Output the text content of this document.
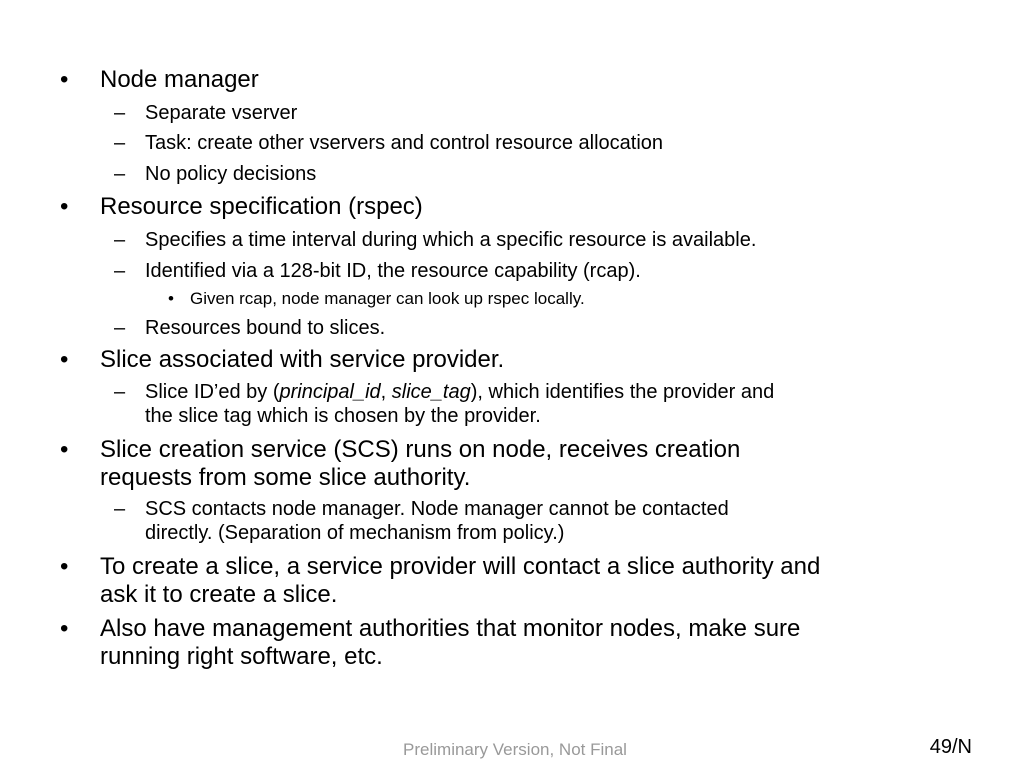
• Node manager
– Separate vserver
– Task: create other vservers and control resource allocation
– No policy decisions
• Resource specification (rspec)
– Specifies a time interval during which a specific resource is available.
– Identified via a 128-bit ID, the resource capability (rcap).
• Given rcap, node manager can look up rspec locally.
– Resources bound to slices.
• Slice associated with service provider.
– Slice ID’ed by (principal_id, slice_tag), which identifies the provider and
the slice tag which is chosen by the provider.
• Slice creation service (SCS) runs on node, receives creation
requests from some slice authority.
– SCS contacts node manager. Node manager cannot be contacted
directly. (Separation of mechanism from policy.)
• To create a slice, a service provider will contact a slice authority and
ask it to create a slice.
• Also have management authorities that monitor nodes, make sure
running right software, etc.
Preliminary Version, Not Final	49/N
